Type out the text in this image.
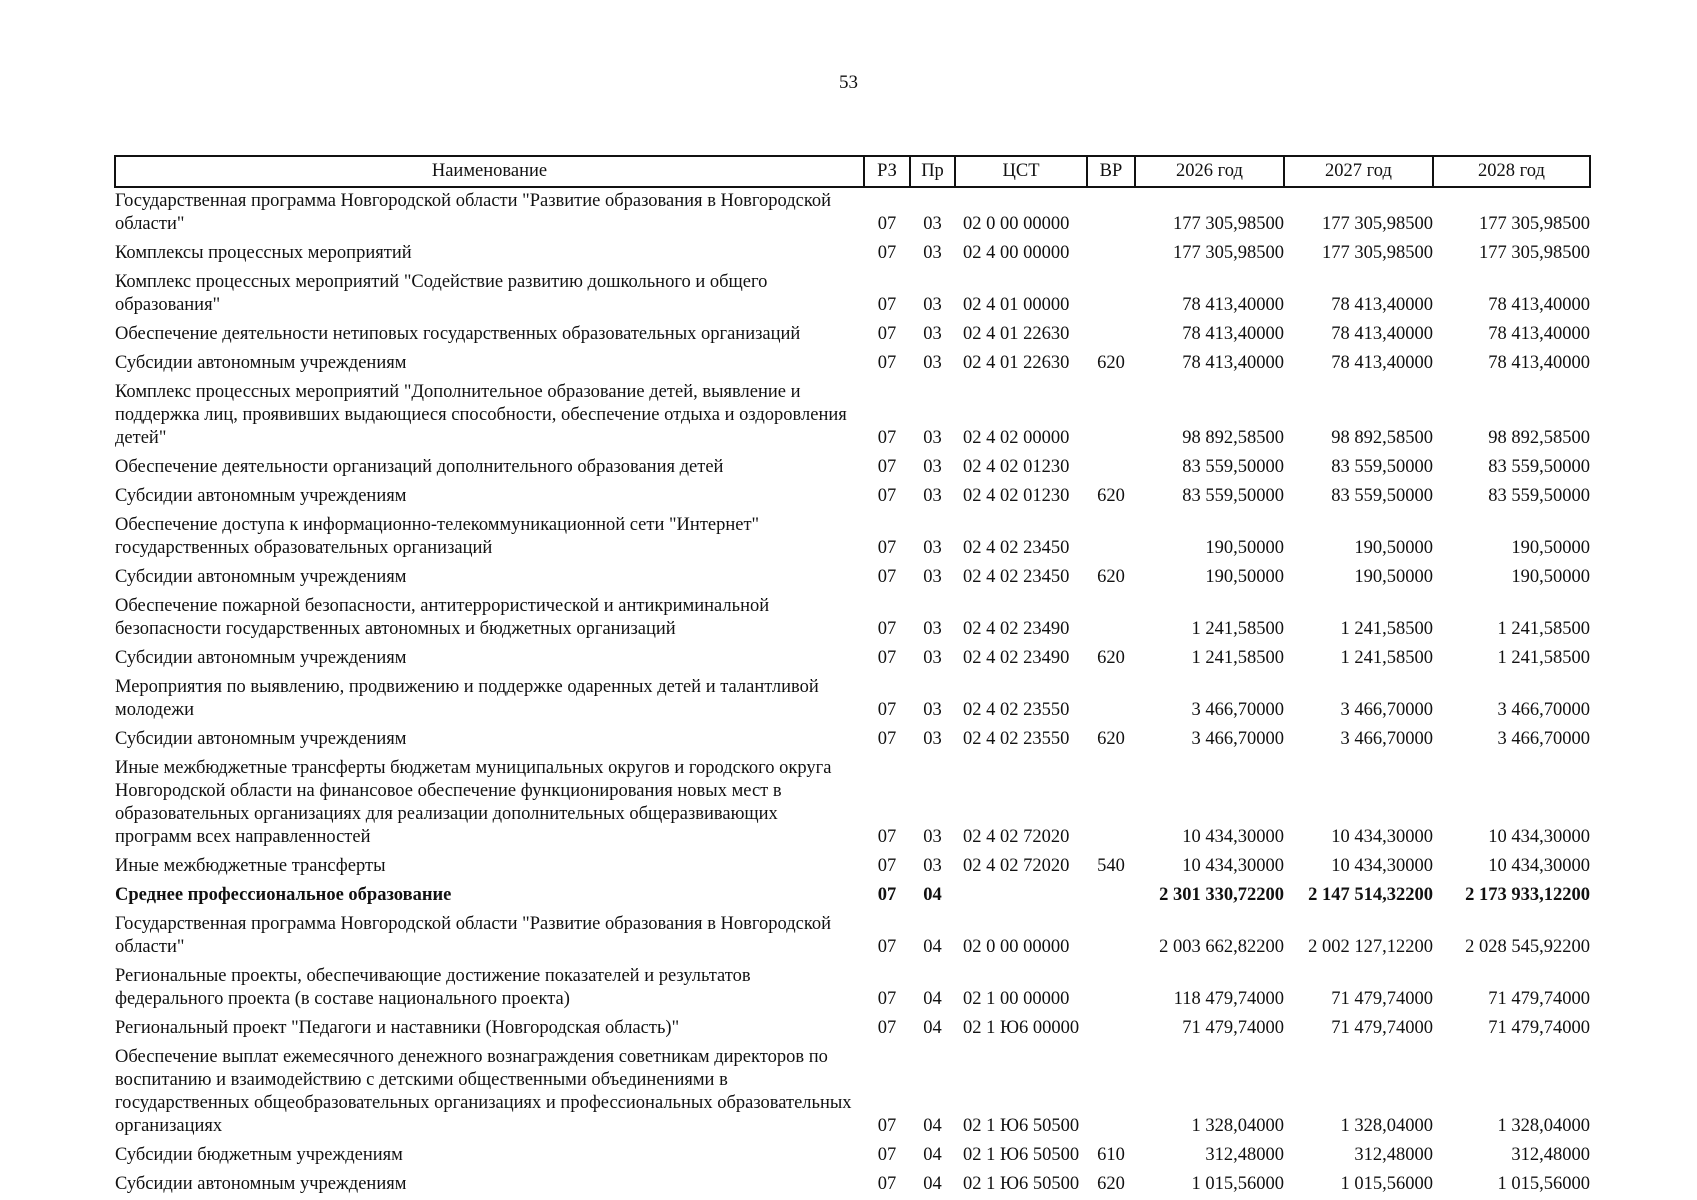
53
Наименование	РЗ	Пр	ЦСТ	ВР	2026 год	2027 год	2028 год
Государственная программа Новгородской области "Развитие образования в Новгородской области"	07	03	02 0 00 00000		177 305,98500	177 305,98500	177 305,98500
Комплексы процессных мероприятий	07	03	02 4 00 00000		177 305,98500	177 305,98500	177 305,98500
Комплекс процессных мероприятий "Содействие развитию дошкольного и общего образования"	07	03	02 4 01 00000		78 413,40000	78 413,40000	78 413,40000
Обеспечение деятельности нетиповых государственных образовательных организаций	07	03	02 4 01 22630		78 413,40000	78 413,40000	78 413,40000
Субсидии автономным учреждениям	07	03	02 4 01 22630	620	78 413,40000	78 413,40000	78 413,40000
Комплекс процессных мероприятий "Дополнительное образование детей, выявление и поддержка лиц, проявивших выдающиеся способности, обеспечение отдыха и оздоровления детей"	07	03	02 4 02 00000		98 892,58500	98 892,58500	98 892,58500
Обеспечение деятельности организаций дополнительного образования детей	07	03	02 4 02 01230		83 559,50000	83 559,50000	83 559,50000
Субсидии автономным учреждениям	07	03	02 4 02 01230	620	83 559,50000	83 559,50000	83 559,50000
Обеспечение доступа к информационно-телекоммуникационной сети "Интернет" государственных образовательных организаций	07	03	02 4 02 23450		190,50000	190,50000	190,50000
Субсидии автономным учреждениям	07	03	02 4 02 23450	620	190,50000	190,50000	190,50000
Обеспечение пожарной безопасности, антитеррористической и антикриминальной безопасности государственных автономных и бюджетных организаций	07	03	02 4 02 23490		1 241,58500	1 241,58500	1 241,58500
Субсидии автономным учреждениям	07	03	02 4 02 23490	620	1 241,58500	1 241,58500	1 241,58500
Мероприятия по выявлению, продвижению и поддержке одаренных детей и талантливой молодежи	07	03	02 4 02 23550		3 466,70000	3 466,70000	3 466,70000
Субсидии автономным учреждениям	07	03	02 4 02 23550	620	3 466,70000	3 466,70000	3 466,70000
Иные межбюджетные трансферты бюджетам муниципальных округов и городского округа Новгородской области на финансовое обеспечение функционирования новых мест в образовательных организациях для реализации дополнительных общеразвивающих программ всех направленностей	07	03	02 4 02 72020		10 434,30000	10 434,30000	10 434,30000
Иные межбюджетные трансферты	07	03	02 4 02 72020	540	10 434,30000	10 434,30000	10 434,30000
Среднее профессиональное образование	07	04			2 301 330,72200	2 147 514,32200	2 173 933,12200
Государственная программа Новгородской области "Развитие образования в Новгородской области"	07	04	02 0 00 00000		2 003 662,82200	2 002 127,12200	2 028 545,92200
Региональные проекты, обеспечивающие достижение показателей и результатов федерального проекта (в составе национального проекта)	07	04	02 1 00 00000		118 479,74000	71 479,74000	71 479,74000
Региональный проект "Педагоги и наставники (Новгородская область)"	07	04	02 1 Ю6 00000		71 479,74000	71 479,74000	71 479,74000
Обеспечение выплат ежемесячного денежного вознаграждения советникам директоров по воспитанию и взаимодействию с детскими общественными объединениями в государственных общеобразовательных организациях и профессиональных образовательных организациях	07	04	02 1 Ю6 50500		1 328,04000	1 328,04000	1 328,04000
Субсидии бюджетным учреждениям	07	04	02 1 Ю6 50500	610	312,48000	312,48000	312,48000
Субсидии автономным учреждениям	07	04	02 1 Ю6 50500	620	1 015,56000	1 015,56000	1 015,56000
